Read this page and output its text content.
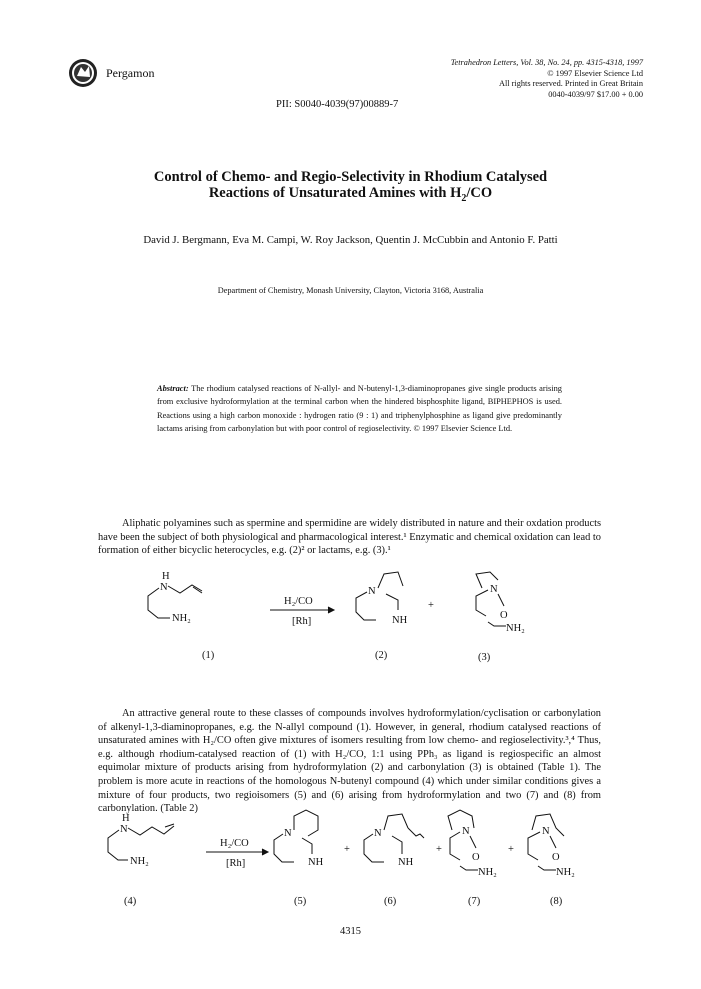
Pergamon
Tetrahedron Letters, Vol. 38, No. 24, pp. 4315-4318, 1997
© 1997 Elsevier Science Ltd
All rights reserved. Printed in Great Britain
0040-4039/97 $17.00 + 0.00
PII: S0040-4039(97)00889-7
Control of Chemo- and Regio-Selectivity in Rhodium Catalysed
Reactions of Unsaturated Amines with $H_2/CO$
David J. Bergmann, Eva M. Campi, W. Roy Jackson, Quentin J. McCubbin and Antonio F. Patti
Department of Chemistry, Monash University, Clayton, Victoria 3168, Australia
Abstract: The rhodium catalysed reactions of N-allyl- and N-butenyl-1,3-diaminopropanes give single products arising from exclusive hydroformylation at the terminal carbon when the hindered bisphosphite ligand, BIPHEPHOS is used. Reactions using a high carbon monoxide : hydrogen ratio (9 : 1) and triphenylphosphine as ligand give predominantly lactams arising from carbonylation but with poor control of regioselectivity. © 1997 Elsevier Science Ltd.
Aliphatic polyamines such as spermine and spermidine are widely distributed in nature and their oxdation products have been the subject of both physiological and pharmacological interest.¹ Enzymatic and chemical oxidation can lead to formation of either bicyclic heterocycles, e.g. (2)² or lactams, e.g. (3).¹
H
N
NH₂
H₂/CO
[Rh]
N
NH
+
N
O
NH₂
(1)	(2)	(3)
An attractive general route to these classes of compounds involves hydroformylation/cyclisation or carbonylation of alkenyl-1,3-diaminopropanes, e.g. the N-allyl compound (1). However, in general, rhodium catalysed reactions of unsaturated amines with H₂/CO often give mixtures of isomers resulting from low chemo- and regioselectivity.³,⁴ Thus, e.g. although rhodium-catalysed reaction of (1) with H₂/CO, 1:1 using PPh₃ as ligand is regiospecific an almost equimolar mixture of products arising from hydroformylation (2) and carbonylation (3) is obtained (Table 1). The problem is more acute in reactions of the homologous N-butenyl compound (4) which under similar conditions gives a mixture of four products, two regioisomers (5) and (6) arising from hydroformylation and two (7) and (8) from carbonylation. (Table 2)
H
N
NH₂
H₂/CO
[Rh]
N
NH
+
N
NH
+
N
O
NH₂
+
N
O
NH₂
(4)	(5)	(6)	(7)	(8)
4315
